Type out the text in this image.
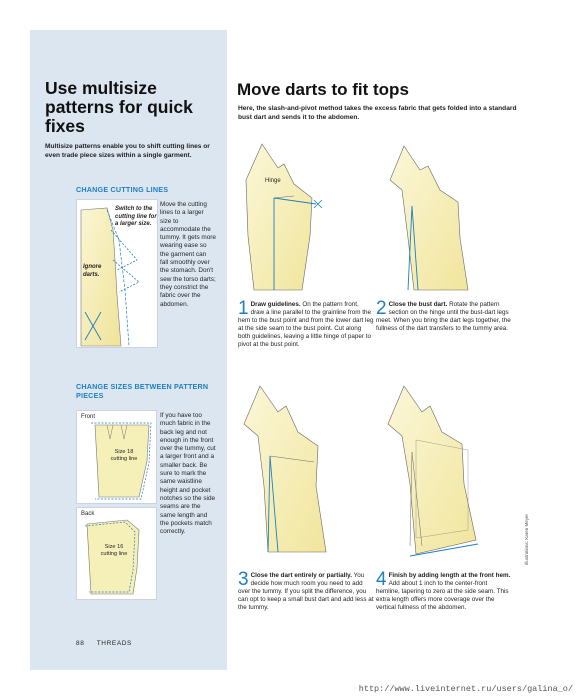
Use multisize patterns for quick fixes
Multisize patterns enable you to shift cutting lines or even trade piece sizes within a single garment.
CHANGE CUTTING LINES
Switch to the cutting line for a larger size.
Ignore darts.
Move the cutting lines to a larger size to accommodate the tummy. It gets more wearing ease so the garment can fall smoothly over the stomach. Don't sew the torso darts; they constrict the fabric over the abdomen.
CHANGE SIZES BETWEEN PATTERN PIECES
Front
Size 18 cutting line
Back
Size 16 cutting line
If you have too much fabric in the back leg and not enough in the front over the tummy, cut a larger front and a smaller back. Be sure to mark the same waistline height and pocket notches so the side seams are the same length and the pockets match correctly.
88 THREADS
Move darts to fit tops
Here, the slash-and-pivot method takes the excess fabric that gets folded into a standard bust dart and sends it to the abdomen.
Hinge
1 Draw guidelines. On the pattern front, draw a line parallel to the grainline from the hem to the bust point and from the lower dart leg at the side seam to the bust point. Cut along both guidelines, leaving a little hinge of paper to pivot at the bust point.
2 Close the bust dart. Rotate the pattern section on the hinge until the bust-dart legs meet. When you bring the dart legs together, the fullness of the dart transfers to the tummy area.
3 Close the dart entirely or partially. You decide how much room you need to add over the tummy. If you split the difference, you can opt to keep a small bust dart and add less at the tummy.
4 Finish by adding length at the front hem. Add about 1 inch to the center-front hemline, tapering to zero at the side seam. This extra length offers more coverage over the vertical fullness of the abdomen.
Illustrations: Karen Meyer
http://www.liveinternet.ru/users/galina_o/
